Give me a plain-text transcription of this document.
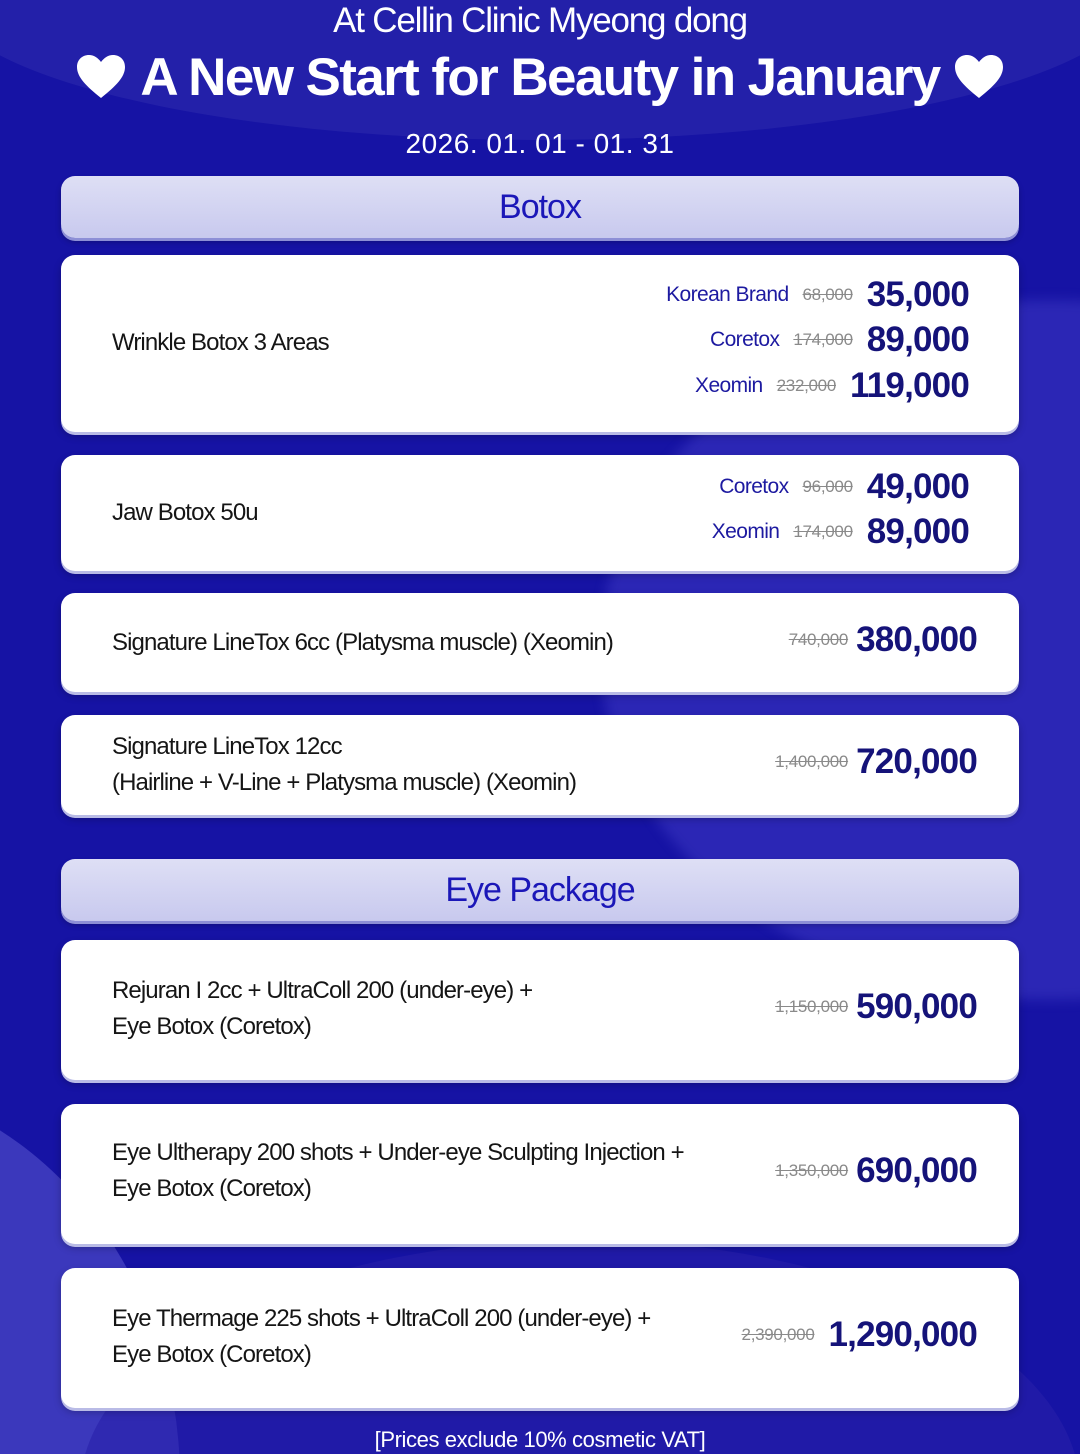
At Cellin Clinic Myeong dong
A New Start for Beauty in January
2026. 01. 01 - 01. 31
Botox
Wrinkle Botox 3 Areas
Korean Brand 68,000 35,000
Coretox 174,000 89,000
Xeomin 232,000 119,000
Jaw Botox 50u
Coretox 96,000 49,000
Xeomin 174,000 89,000
Signature LineTox 6cc (Platysma muscle) (Xeomin)	740,000 380,000
Signature LineTox 12cc
(Hairline + V-Line + Platysma muscle) (Xeomin)
1,400,000 720,000
Eye Package
Rejuran I 2cc + UltraColl 200 (under-eye) +
Eye Botox (Coretox)
1,150,000 590,000
Eye Ultherapy 200 shots + Under-eye Sculpting Injection +
Eye Botox (Coretox)
1,350,000 690,000
Eye Thermage 225 shots + UltraColl 200 (under-eye) +
Eye Botox (Coretox)
2,390,000 1,290,000
[Prices exclude 10% cosmetic VAT]
